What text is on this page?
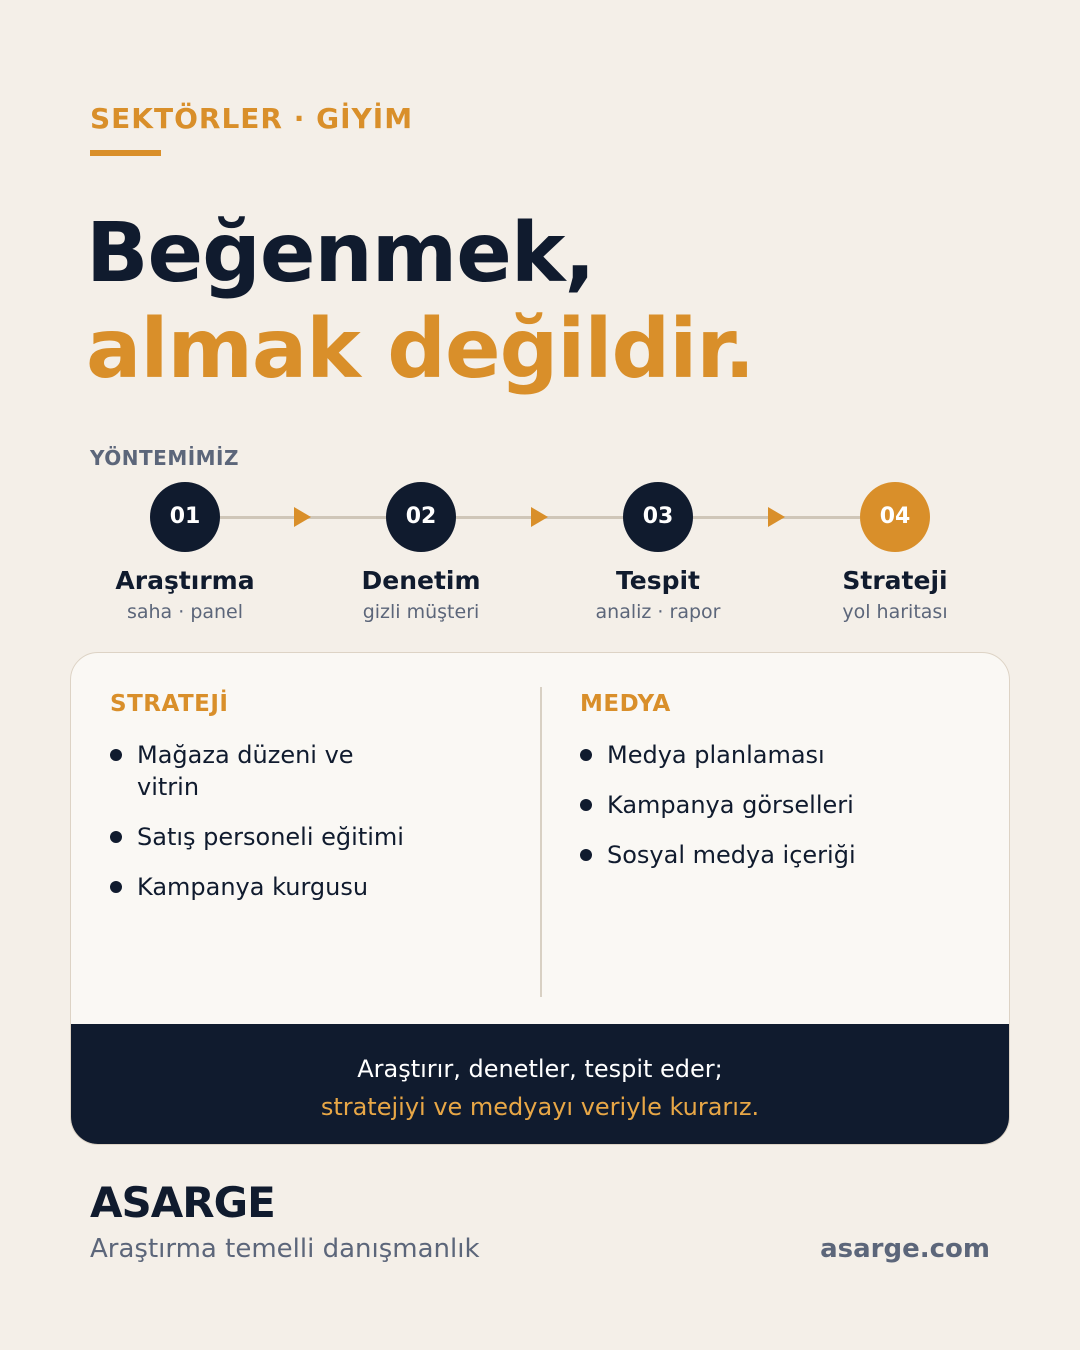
SEKTÖRLER · GİYİM
Beğenmek,
almak değildir.
YÖNTEMİMİZ
01
Araştırma
saha · panel
02
Denetim
gizli müşteri
03
Tespit
analiz · rapor
04
Strateji
yol haritası
STRATEJİ
Mağaza düzeni ve vitrin
Satış personeli eğitimi
Kampanya kurgusu
MEDYA
Medya planlaması
Kampanya görselleri
Sosyal medya içeriği
Araştırır, denetler, tespit eder;
stratejiyi ve medyayı veriyle kurarız.
ASARGE
Araştırma temelli danışmanlık	asarge.com
